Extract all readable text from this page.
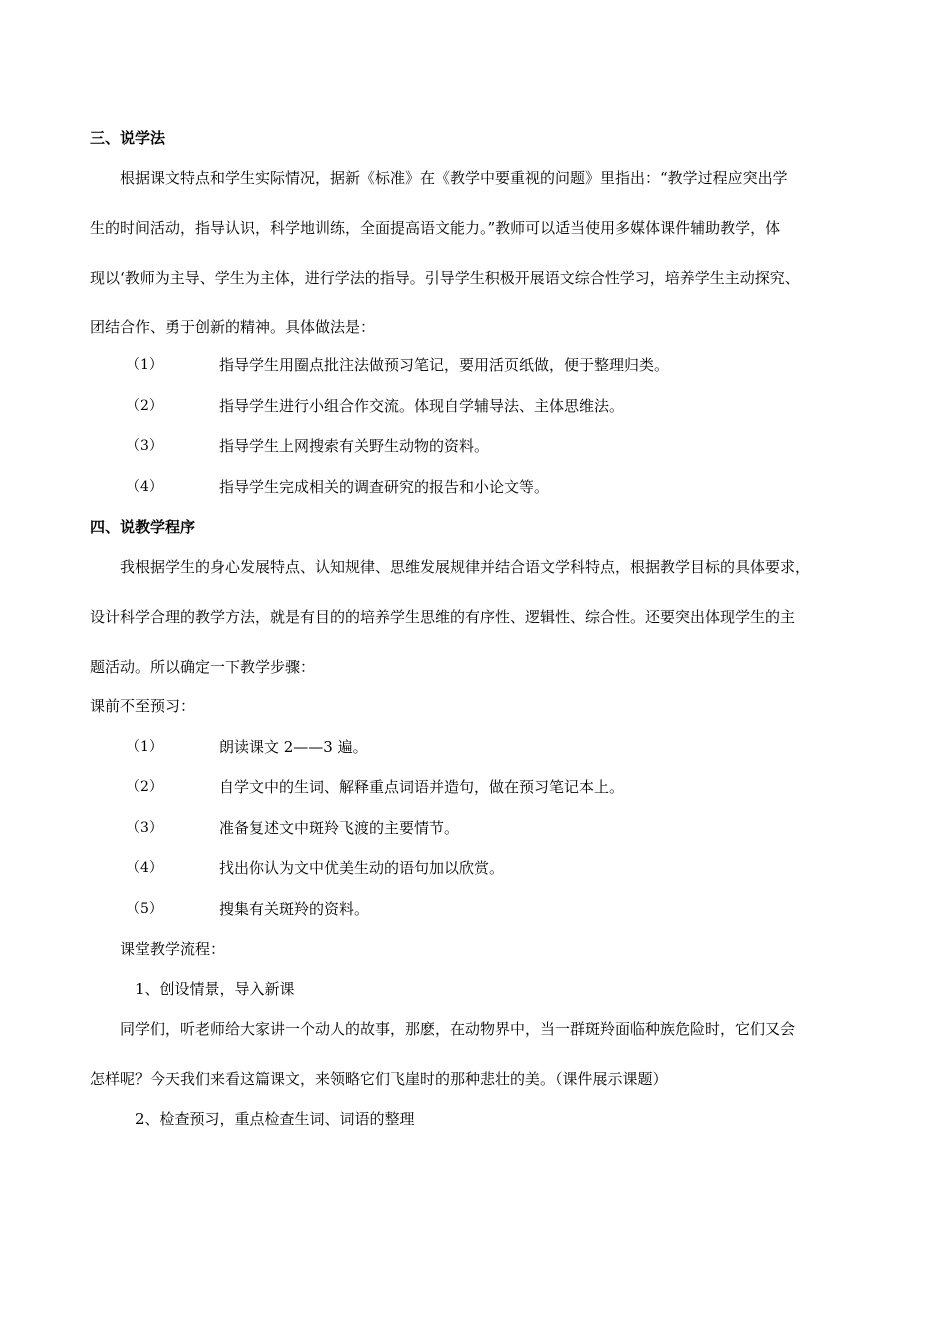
三、说学法
根据课文特点和学生实际情况，据新《标准》在《教学中要重视的问题》里指出：“教学过程应突出学
生的时间活动，指导认识，科学地训练，全面提高语文能力。”教师可以适当使用多媒体课件辅助教学，体
现以‘教师为主导、学生为主体，进行学法的指导。引导学生积极开展语文综合性学习，培养学生主动探究、
团结合作、勇于创新的精神。具体做法是：
（1）	指导学生用圈点批注法做预习笔记，要用活页纸做，便于整理归类。
（2）	指导学生进行小组合作交流。体现自学辅导法、主体思维法。
（3）	指导学生上网搜索有关野生动物的资料。
（4）	指导学生完成相关的调查研究的报告和小论文等。
四、说教学程序
我根据学生的身心发展特点、认知规律、思维发展规律并结合语文学科特点，根据教学目标的具体要求，
设计科学合理的教学方法，就是有目的的培养学生思维的有序性、逻辑性、综合性。还要突出体现学生的主
题活动。所以确定一下教学步骤：
课前不至预习：
（1）	朗读课文 2——3 遍。
（2）	自学文中的生词、解释重点词语并造句，做在预习笔记本上。
（3）	准备复述文中斑羚飞渡的主要情节。
（4）	找出你认为文中优美生动的语句加以欣赏。
（5）	搜集有关斑羚的资料。
课堂教学流程：
1、创设情景，导入新课
同学们，听老师给大家讲一个动人的故事，那麽，在动物界中，当一群斑羚面临种族危险时，它们又会
怎样呢？今天我们来看这篇课文，来领略它们飞崖时的那种悲壮的美。（课件展示课题）
2、检查预习，重点检查生词、词语的整理
